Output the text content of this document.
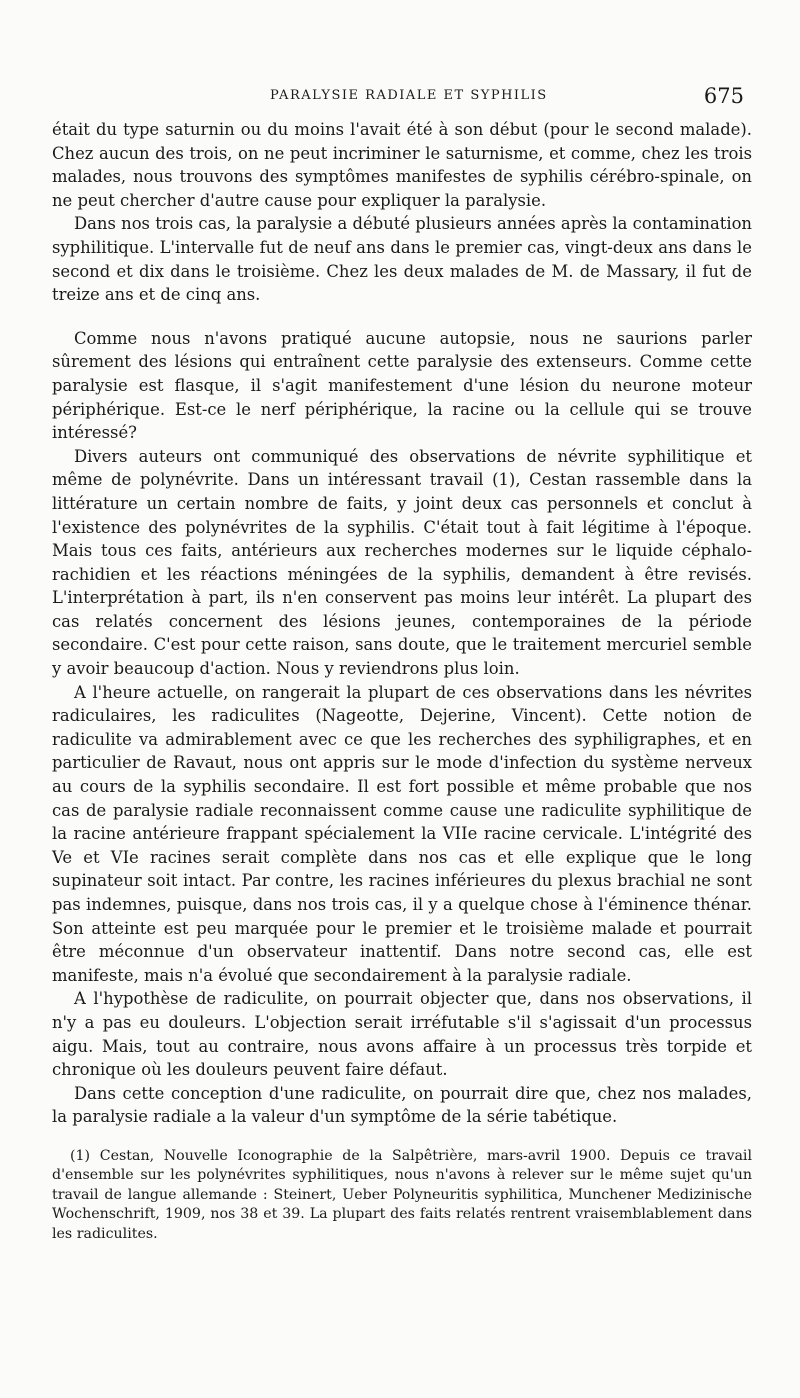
PARALYSIE RADIALE ET SYPHILIS	675

était du type saturnin ou du moins l'avait été à son début (pour le second malade). Chez aucun des trois, on ne peut incriminer le saturnisme, et comme, chez les trois malades, nous trouvons des symptômes manifestes de syphilis cérébro-spinale, on ne peut chercher d'autre cause pour expliquer la paralysie.

Dans nos trois cas, la paralysie a débuté plusieurs années après la contamination syphilitique. L'intervalle fut de neuf ans dans le premier cas, vingt-deux ans dans le second et dix dans le troisième. Chez les deux malades de M. de Massary, il fut de treize ans et de cinq ans.

Comme nous n'avons pratiqué aucune autopsie, nous ne saurions parler sûrement des lésions qui entraînent cette paralysie des extenseurs. Comme cette paralysie est flasque, il s'agit manifestement d'une lésion du neurone moteur périphérique. Est-ce le nerf périphérique, la racine ou la cellule qui se trouve intéressé?

Divers auteurs ont communiqué des observations de névrite syphilitique et même de polynévrite. Dans un intéressant travail (1), Cestan rassemble dans la littérature un certain nombre de faits, y joint deux cas personnels et conclut à l'existence des polynévrites de la syphilis. C'était tout à fait légitime à l'époque. Mais tous ces faits, antérieurs aux recherches modernes sur le liquide céphalo-rachidien et les réactions méningées de la syphilis, demandent à être revisés. L'interprétation à part, ils n'en conservent pas moins leur intérêt. La plupart des cas relatés concernent des lésions jeunes, contemporaines de la période secondaire. C'est pour cette raison, sans doute, que le traitement mercuriel semble y avoir beaucoup d'action. Nous y reviendrons plus loin.

A l'heure actuelle, on rangerait la plupart de ces observations dans les névrites radiculaires, les radiculites (Nageotte, Dejerine, Vincent). Cette notion de radiculite va admirablement avec ce que les recherches des syphiligraphes, et en particulier de Ravaut, nous ont appris sur le mode d'infection du système nerveux au cours de la syphilis secondaire. Il est fort possible et même probable que nos cas de paralysie radiale reconnaissent comme cause une radiculite syphilitique de la racine antérieure frappant spécialement la VIIe racine cervicale. L'intégrité des Ve et VIe racines serait complète dans nos cas et elle explique que le long supinateur soit intact. Par contre, les racines inférieures du plexus brachial ne sont pas indemnes, puisque, dans nos trois cas, il y a quelque chose à l'éminence thénar. Son atteinte est peu marquée pour le premier et le troisième malade et pourrait être méconnue d'un observateur inattentif. Dans notre second cas, elle est manifeste, mais n'a évolué que secondairement à la paralysie radiale.

A l'hypothèse de radiculite, on pourrait objecter que, dans nos observations, il n'y a pas eu douleurs. L'objection serait irréfutable s'il s'agissait d'un processus aigu. Mais, tout au contraire, nous avons affaire à un processus très torpide et chronique où les douleurs peuvent faire défaut.

Dans cette conception d'une radiculite, on pourrait dire que, chez nos malades, la paralysie radiale a la valeur d'un symptôme de la série tabétique.

(1) Cestan, Nouvelle Iconographie de la Salpêtrière, mars-avril 1900. Depuis ce travail d'ensemble sur les polynévrites syphilitiques, nous n'avons à relever sur le même sujet qu'un travail de langue allemande : Steinert, Ueber Polyneuritis syphilitica, Munchener Medizinische Wochenschrift, 1909, nos 38 et 39. La plupart des faits relatés rentrent vraisemblablement dans les radiculites.
